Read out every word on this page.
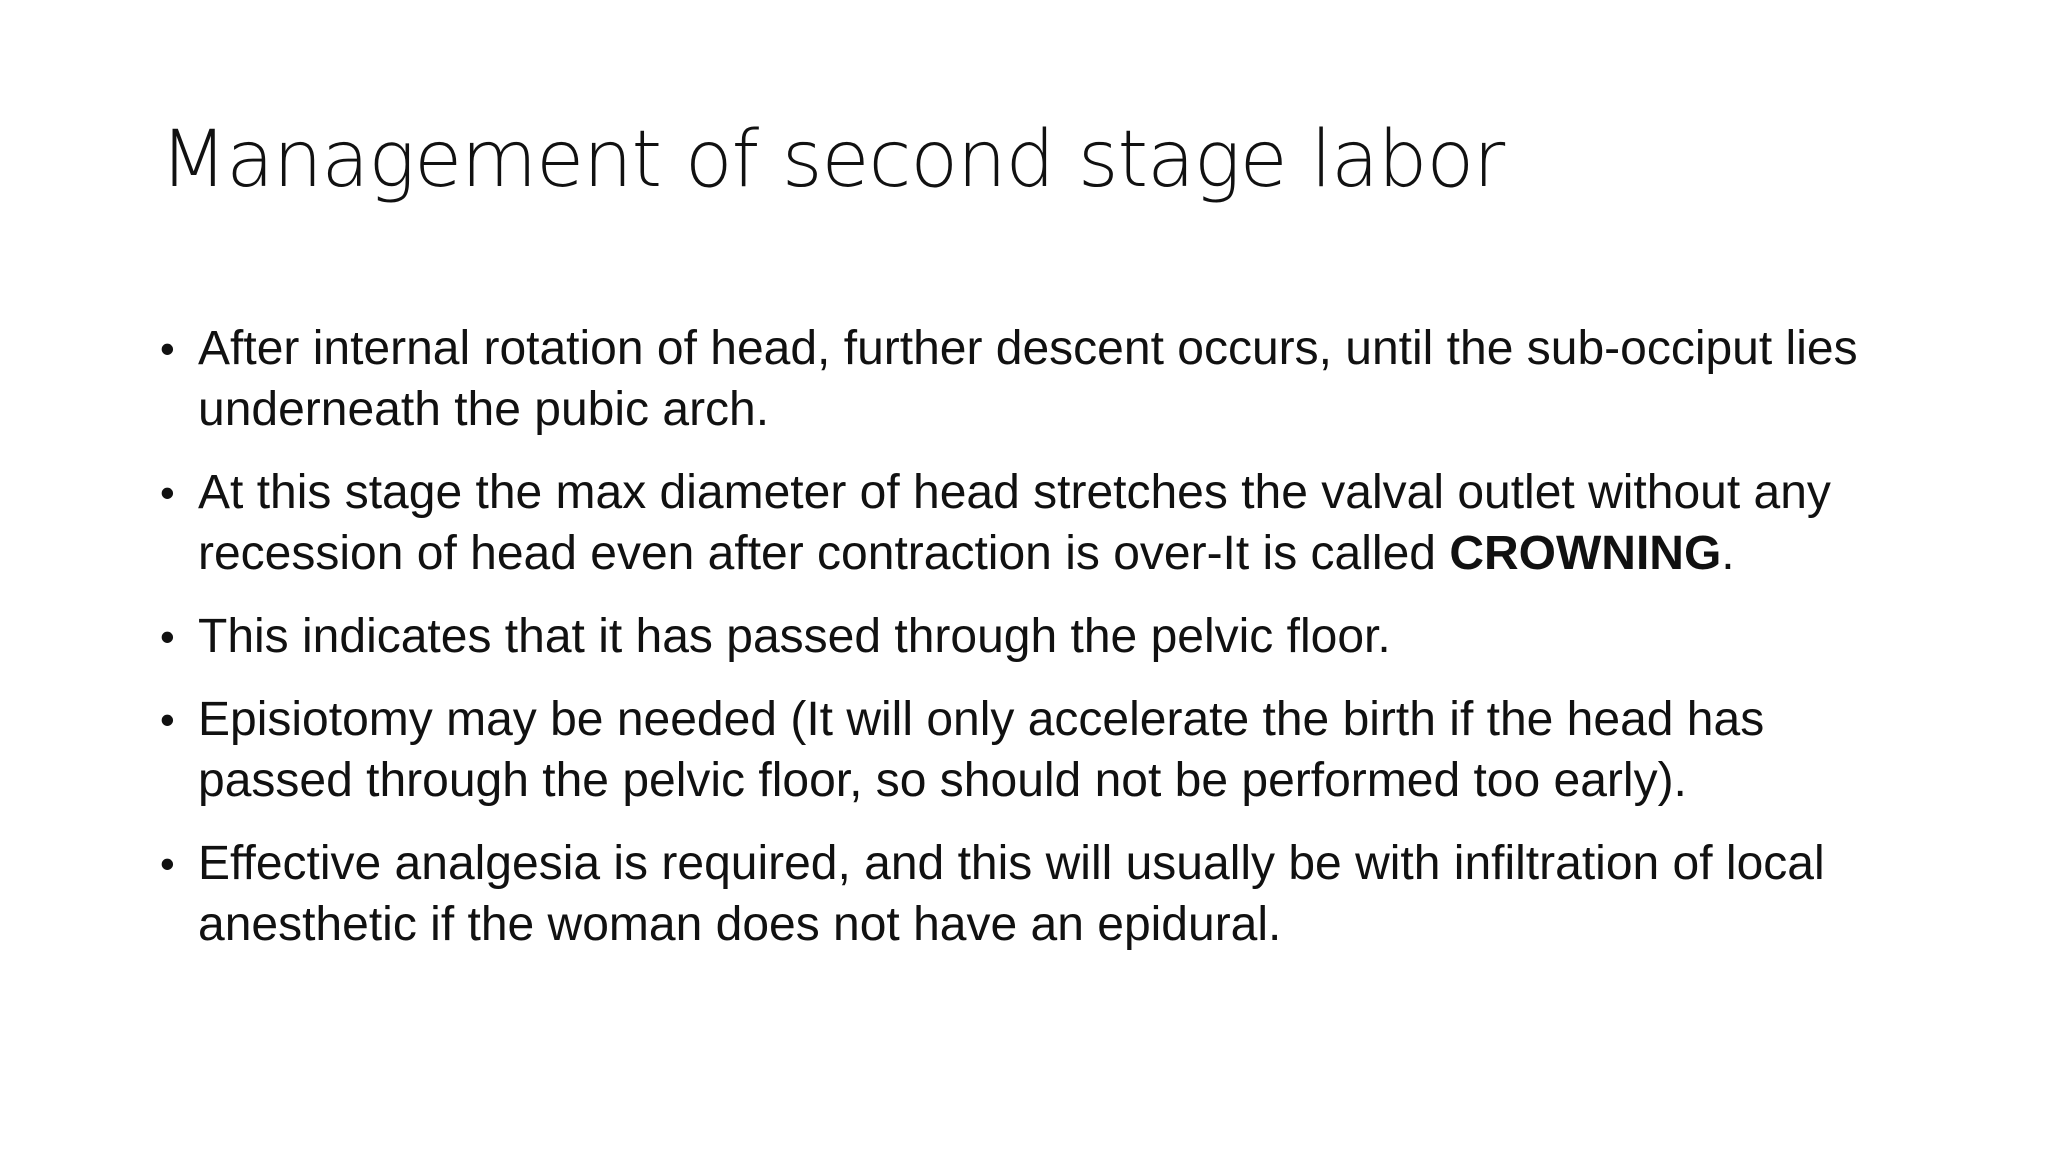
Management of second stage labor
• After internal rotation of head, further descent occurs, until the sub-occiput lies underneath the pubic arch.
• At this stage the max diameter of head stretches the valval outlet without any recession of head even after contraction is over-It is called CROWNING.
• This indicates that it has passed through the pelvic floor.
• Episiotomy may be needed (It will only accelerate the birth if the head has passed through the pelvic floor, so should not be performed too early).
• Effective analgesia is required, and this will usually be with infiltration of local anesthetic if the woman does not have an epidural.
